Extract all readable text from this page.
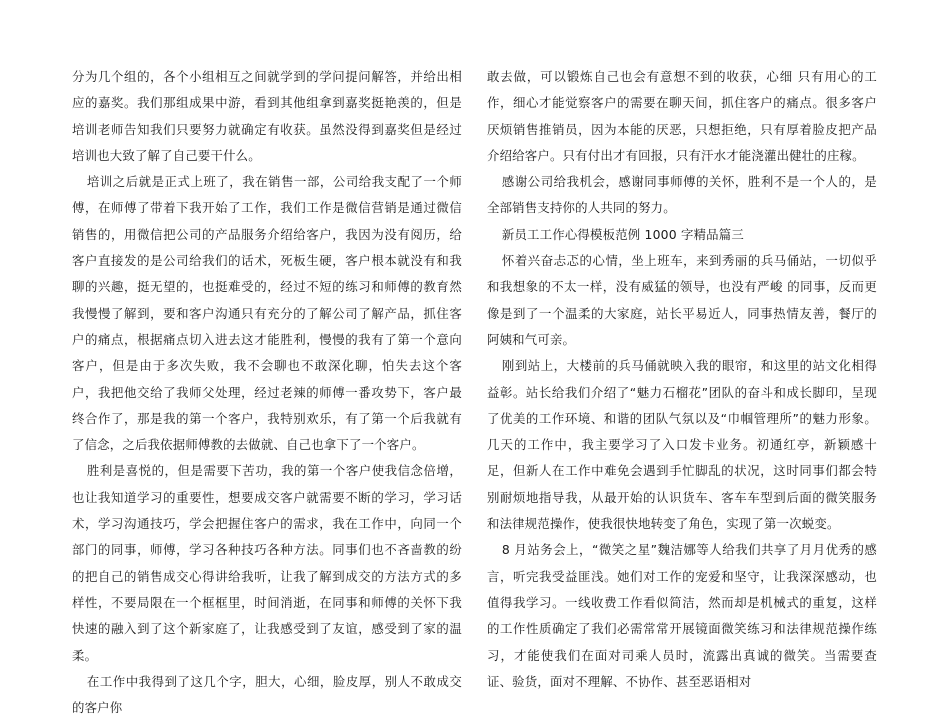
分为几个组的，各个小组相互之间就学到的学问提问解答，并给出相应的嘉奖。我们那组成果中游，看到其他组拿到嘉奖挺艳羡的，但是培训老师告知我们只要努力就确定有收获。虽然没得到嘉奖但是经过培训也大致了解了自己要干什么。

培训之后就是正式上班了，我在销售一部，公司给我支配了一个师傅，在师傅了带着下我开始了工作，我们工作是微信营销是通过微信销售的，用微信把公司的产品服务介绍给客户，我因为没有阅历，给客户直接发的是公司给我们的话术，死板生硬，客户根本就没有和我聊的兴趣，挺无望的，也挺难受的，经过不短的练习和师傅的教育然我慢慢了解到，要和客户沟通只有充分的了解公司了解产品，抓住客户的痛点，根据痛点切入进去这才能胜利，慢慢的我有了第一个意向客户，但是由于多次失败，我不会聊也不敢深化聊，怕失去这个客户，我把他交给了我师父处理，经过老辣的师傅一番攻势下，客户最终合作了，那是我的第一个客户，我特别欢乐，有了第一个后我就有了信念，之后我依据师傅教的去做就、自己也拿下了一个客户。

胜利是喜悦的，但是需要下苦功，我的第一个客户使我信念倍增，也让我知道学习的重要性，想要成交客户就需要不断的学习，学习话术，学习沟通技巧，学会把握住客户的需求，我在工作中，向同一个部门的同事，师傅，学习各种技巧各种方法。同事们也不吝啬教的纷的把自己的销售成交心得讲给我听，让我了解到成交的方法方式的多样性，不要局限在一个框框里，时间消逝，在同事和师傅的关怀下我快速的融入到了这个新家庭了，让我感受到了友谊，感受到了家的温柔。

在工作中我得到了这几个字，胆大，心细，脸皮厚，别人不敢成交的客户你

敢去做，可以锻炼自己也会有意想不到的收获，心细 只有用心的工作，细心才能觉察客户的需要在聊天间，抓住客户的痛点。很多客户厌烦销售推销员，因为本能的厌恶，只想拒绝，只有厚着脸皮把产品介绍给客户。只有付出才有回报，只有汗水才能浇灌出健壮的庄稼。

感谢公司给我机会，感谢同事师傅的关怀，胜利不是一个人的，是全部销售支持你的人共同的努力。

新员工工作心得模板范例 1000 字精品篇三

怀着兴奋忐忑的心情，坐上班车，来到秀丽的兵马俑站，一切似乎和我想象的不太一样，没有威猛的领导，也没有严峻 的同事，反而更像是到了一个温柔的大家庭，站长平易近人，同事热情友善，餐厅的阿姨和气可亲。

刚到站上，大楼前的兵马俑就映入我的眼帘，和这里的站文化相得益彰。站长给我们介绍了“魅力石榴花”团队的奋斗和成长脚印，呈现了优美的工作环境、和谐的团队气氛以及“巾帼管理所”的魅力形象。几天的工作中，我主要学习了入口发卡业务。初通红亭，新颖感十足，但新人在工作中难免会遇到手忙脚乱的状况，这时同事们都会特别耐烦地指导我，从最开始的认识货车、客车车型到后面的微笑服务和法律规范操作，使我很快地转变了角色，实现了第一次蜕变。

8 月站务会上，“微笑之星”魏洁娜等人给我们共享了月月优秀的感言，听完我受益匪浅。她们对工作的宠爱和坚守，让我深深感动，也值得我学习。一线收费工作看似简洁，然而却是机械式的重复，这样的工作性质确定了我们必需常常开展镜面微笑练习和法律规范操作练习，才能使我们在面对司乘人员时，流露出真诚的微笑。当需要查证、验货，面对不理解、不协作、甚至恶语相对
